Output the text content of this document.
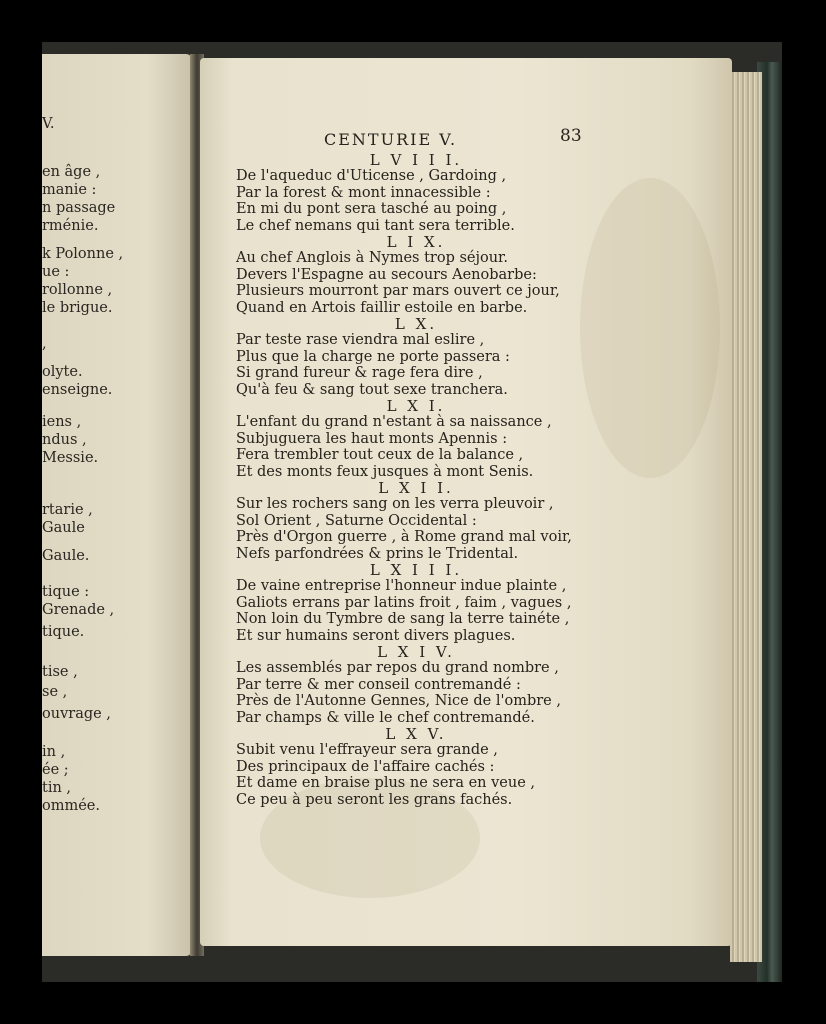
V.
en âge ,
manie :
n passage
rménie.
k Polonne ,
ue :
rollonne ,
le brigue.
,
olyte.
enseigne.
iens ,
ndus ,
Messie.
rtarie ,
Gaule
Gaule.
tique :
Grenade ,
tique.
tise ,
se ,
ouvrage ,
in ,
ée ;
tin ,
ommée.
CENTURIE V.	83
L V I I I.
De l'aqueduc d'Uticense , Gardoing ,
Par la forest & mont innacessible :
En mi du pont sera tasché au poing ,
Le chef nemans qui tant sera terrible.
L I X.
Au chef Anglois à Nymes trop séjour.
Devers l'Espagne au secours Aenobarbe:
Plusieurs mourront par mars ouvert ce jour,
Quand en Artois faillir estoile en barbe.
L X.
Par teste rase viendra mal eslire ,
Plus que la charge ne porte passera :
Si grand fureur & rage fera dire ,
Qu'à feu & sang tout sexe tranchera.
L X I.
L'enfant du grand n'estant à sa naissance ,
Subjuguera les haut monts Apennis :
Fera trembler tout ceux de la balance ,
Et des monts feux jusques à mont Senis.
L X I I.
Sur les rochers sang on les verra pleuvoir ,
Sol Orient , Saturne Occidental :
Près d'Orgon guerre , à Rome grand mal voir,
Nefs parfondrées & prins le Tridental.
L X I I I.
De vaine entreprise l'honneur indue plainte ,
Galiots errans par latins froit , faim , vagues ,
Non loin du Tymbre de sang la terre tainéte ,
Et sur humains seront divers plagues.
L X I V.
Les assemblés par repos du grand nombre ,
Par terre & mer conseil contremandé :
Près de l'Autonne Gennes, Nice de l'ombre ,
Par champs & ville le chef contremandé.
L X V.
Subit venu l'effrayeur sera grande ,
Des principaux de l'affaire cachés :
Et dame en braise plus ne sera en veue ,
Ce peu à peu seront les grans fachés.
